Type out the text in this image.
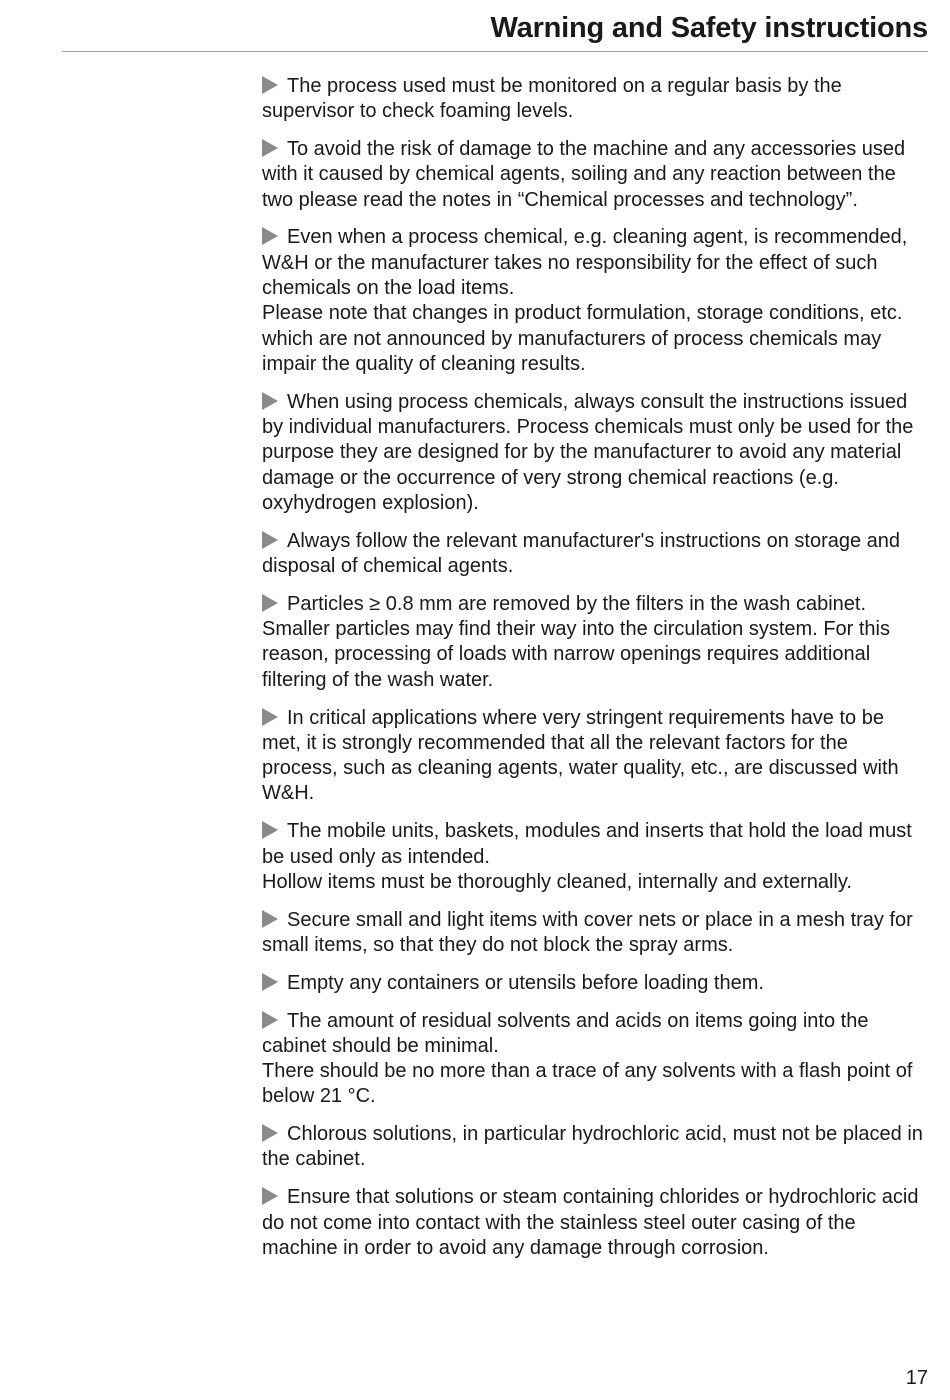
Warning and Safety instructions

The process used must be monitored on a regular basis by the supervisor to check foaming levels.

To avoid the risk of damage to the machine and any accessories used with it caused by chemical agents, soiling and any reaction between the two please read the notes in “Chemical processes and technology”.

Even when a process chemical, e.g. cleaning agent, is recommended, W&H or the manufacturer takes no responsibility for the effect of such chemicals on the load items.

Please note that changes in product formulation, storage conditions, etc. which are not announced by manufacturers of process chemicals may impair the quality of cleaning results.

When using process chemicals, always consult the instructions issued by individual manufacturers. Process chemicals must only be used for the purpose they are designed for by the manufacturer to avoid any material damage or the occurrence of very strong chemical reactions (e.g. oxyhydrogen explosion).

Always follow the relevant manufacturer's instructions on storage and disposal of chemical agents.

Particles ≥ 0.8 mm are removed by the filters in the wash cabinet. Smaller particles may find their way into the circulation system. For this reason, processing of loads with narrow openings requires additional filtering of the wash water.

In critical applications where very stringent requirements have to be met, it is strongly recommended that all the relevant factors for the process, such as cleaning agents, water quality, etc., are discussed with W&H.

The mobile units, baskets, modules and inserts that hold the load must be used only as intended.

Hollow items must be thoroughly cleaned, internally and externally.

Secure small and light items with cover nets or place in a mesh tray for small items, so that they do not block the spray arms.

Empty any containers or utensils before loading them.

The amount of residual solvents and acids on items going into the cabinet should be minimal.

There should be no more than a trace of any solvents with a flash point of below 21 °C.

Chlorous solutions, in particular hydrochloric acid, must not be placed in the cabinet.

Ensure that solutions or steam containing chlorides or hydrochloric acid do not come into contact with the stainless steel outer casing of the machine in order to avoid any damage through corrosion.

17
